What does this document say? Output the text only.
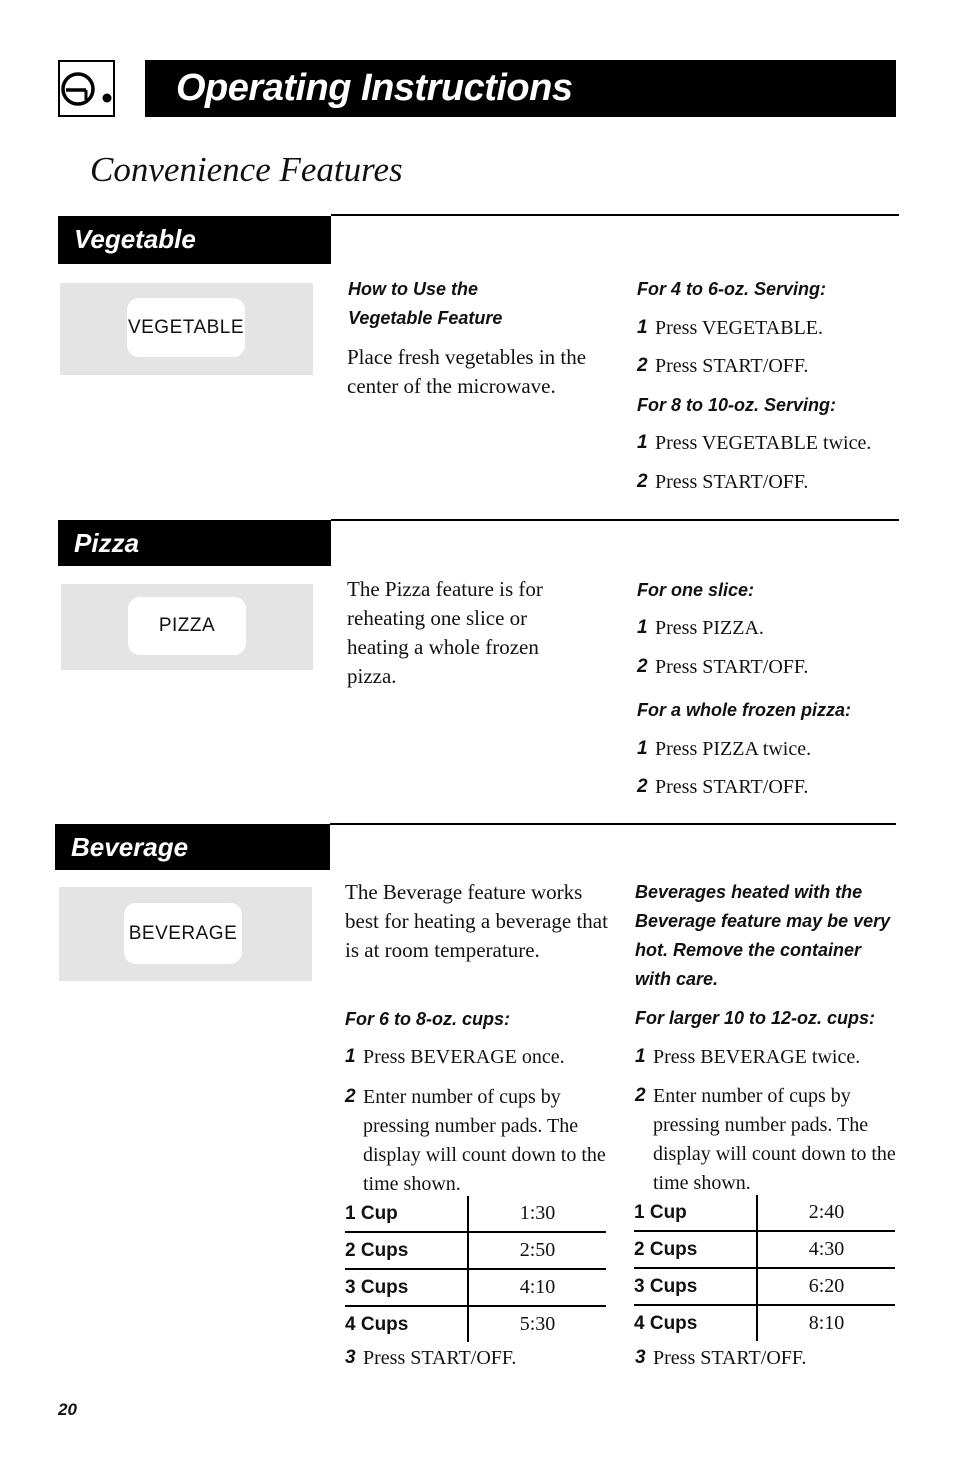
Operating Instructions
Convenience Features
Vegetable
VEGETABLE
How to Use the
Vegetable Feature
Place fresh vegetables in the center of the microwave.
For 4 to 6-oz. Serving:
1 Press VEGETABLE.
2 Press START/OFF.
For 8 to 10-oz. Serving:
1 Press VEGETABLE twice.
2 Press START/OFF.
Pizza
PIZZA
The Pizza feature is for reheating one slice or heating a whole frozen pizza.
For one slice:
1 Press PIZZA.
2 Press START/OFF.
For a whole frozen pizza:
1 Press PIZZA twice.
2 Press START/OFF.
Beverage
BEVERAGE
The Beverage feature works best for heating a beverage that is at room temperature.
Beverages heated with the Beverage feature may be very hot. Remove the container with care.
For 6 to 8-oz. cups:
1 Press BEVERAGE once.
2 Enter number of cups by pressing number pads. The display will count down to the time shown.
1 Cup	1:30
2 Cups	2:50
3 Cups	4:10
4 Cups	5:30
3 Press START/OFF.
For larger 10 to 12-oz. cups:
1 Press BEVERAGE twice.
2 Enter number of cups by pressing number pads. The display will count down to the time shown.
1 Cup	2:40
2 Cups	4:30
3 Cups	6:20
4 Cups	8:10
3 Press START/OFF.
20
